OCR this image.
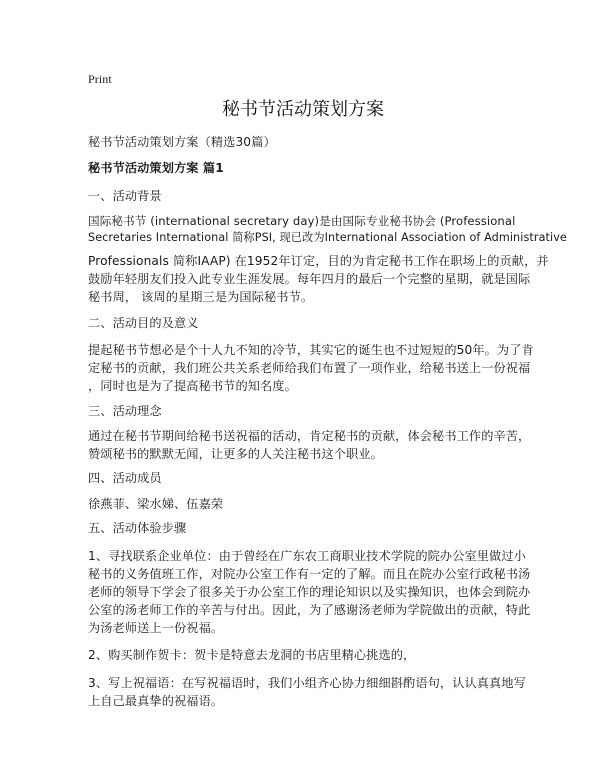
Print
秘书节活动策划方案
秘书节活动策划方案（精选30篇）
秘书节活动策划方案 篇1
一、活动背景
国际秘书节 (international secretary day)是由国际专业秘书协会 (Professional
Secretaries International 简称PSI, 现已改为International Association of Administrative
Professionals 简称IAAP) 在1952年订定，目的为肯定秘书工作在职场上的贡献，并
鼓励年轻朋友们投入此专业生涯发展。每年四月的最后一个完整的星期，就是国际
秘书周， 该周的星期三是为国际秘书节。
二、活动目的及意义
提起秘书节想必是个十人九不知的冷节，其实它的诞生也不过短短的50年。为了肯
定秘书的贡献，我们班公共关系老师给我们布置了一项作业，给秘书送上一份祝福
，同时也是为了提高秘书节的知名度。
三、活动理念
通过在秘书节期间给秘书送祝福的活动，肯定秘书的贡献，体会秘书工作的辛苦，
赞颂秘书的默默无闻，让更多的人关注秘书这个职业。
四、活动成员
徐燕菲、梁水娣、伍嘉荣
五、活动体验步骤
1、寻找联系企业单位：由于曾经在广东农工商职业技术学院的院办公室里做过小
秘书的义务值班工作，对院办公室工作有一定的了解。而且在院办公室行政秘书汤
老师的领导下学会了很多关于办公室工作的理论知识以及实操知识，也体会到院办
公室的汤老师工作的辛苦与付出。因此，为了感谢汤老师为学院做出的贡献，特此
为汤老师送上一份祝福。
2、购买制作贺卡：贺卡是特意去龙洞的书店里精心挑选的，
3、写上祝福语：在写祝福语时，我们小组齐心协力细细斟酌语句，认认真真地写
上自己最真挚的祝福语。
